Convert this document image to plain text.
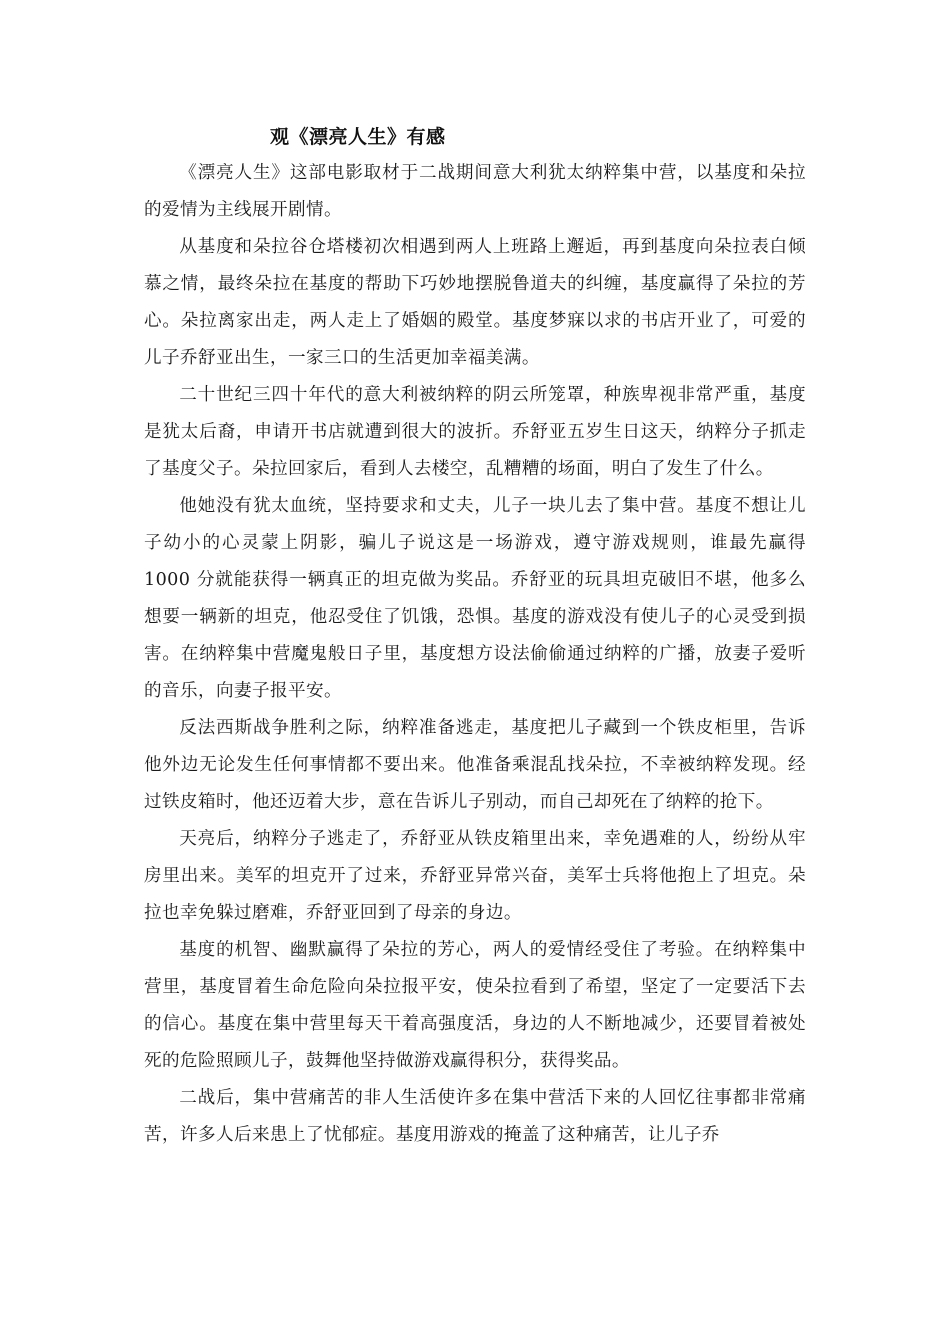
观《漂亮人生》有感

《漂亮人生》这部电影取材于二战期间意大利犹太纳粹集中营，以基度和朵拉的爱情为主线展开剧情。

从基度和朵拉谷仓塔楼初次相遇到两人上班路上邂逅，再到基度向朵拉表白倾慕之情，最终朵拉在基度的帮助下巧妙地摆脱鲁道夫的纠缠，基度赢得了朵拉的芳心。朵拉离家出走，两人走上了婚姻的殿堂。基度梦寐以求的书店开业了，可爱的儿子乔舒亚出生，一家三口的生活更加幸福美满。

二十世纪三四十年代的意大利被纳粹的阴云所笼罩，种族卑视非常严重，基度是犹太后裔，申请开书店就遭到很大的波折。乔舒亚五岁生日这天，纳粹分子抓走了基度父子。朵拉回家后，看到人去楼空，乱糟糟的场面，明白了发生了什么。

他她没有犹太血统，坚持要求和丈夫，儿子一块儿去了集中营。基度不想让儿子幼小的心灵蒙上阴影，骗儿子说这是一场游戏，遵守游戏规则，谁最先赢得 1000 分就能获得一辆真正的坦克做为奖品。乔舒亚的玩具坦克破旧不堪，他多么想要一辆新的坦克，他忍受住了饥饿，恐惧。基度的游戏没有使儿子的心灵受到损害。在纳粹集中营魔鬼般日子里，基度想方设法偷偷通过纳粹的广播，放妻子爱听的音乐，向妻子报平安。

反法西斯战争胜利之际，纳粹准备逃走，基度把儿子藏到一个铁皮柜里，告诉他外边无论发生任何事情都不要出来。他准备乘混乱找朵拉，不幸被纳粹发现。经过铁皮箱时，他还迈着大步，意在告诉儿子别动，而自己却死在了纳粹的抢下。

天亮后，纳粹分子逃走了，乔舒亚从铁皮箱里出来，幸免遇难的人，纷纷从牢房里出来。美军的坦克开了过来，乔舒亚异常兴奋，美军士兵将他抱上了坦克。朵拉也幸免躲过磨难，乔舒亚回到了母亲的身边。

基度的机智、幽默赢得了朵拉的芳心，两人的爱情经受住了考验。在纳粹集中营里，基度冒着生命危险向朵拉报平安，使朵拉看到了希望，坚定了一定要活下去的信心。基度在集中营里每天干着高强度活，身边的人不断地减少，还要冒着被处死的危险照顾儿子，鼓舞他坚持做游戏赢得积分，获得奖品。

二战后，集中营痛苦的非人生活使许多在集中营活下来的人回忆往事都非常痛苦，许多人后来患上了忧郁症。基度用游戏的掩盖了这种痛苦，让儿子乔
